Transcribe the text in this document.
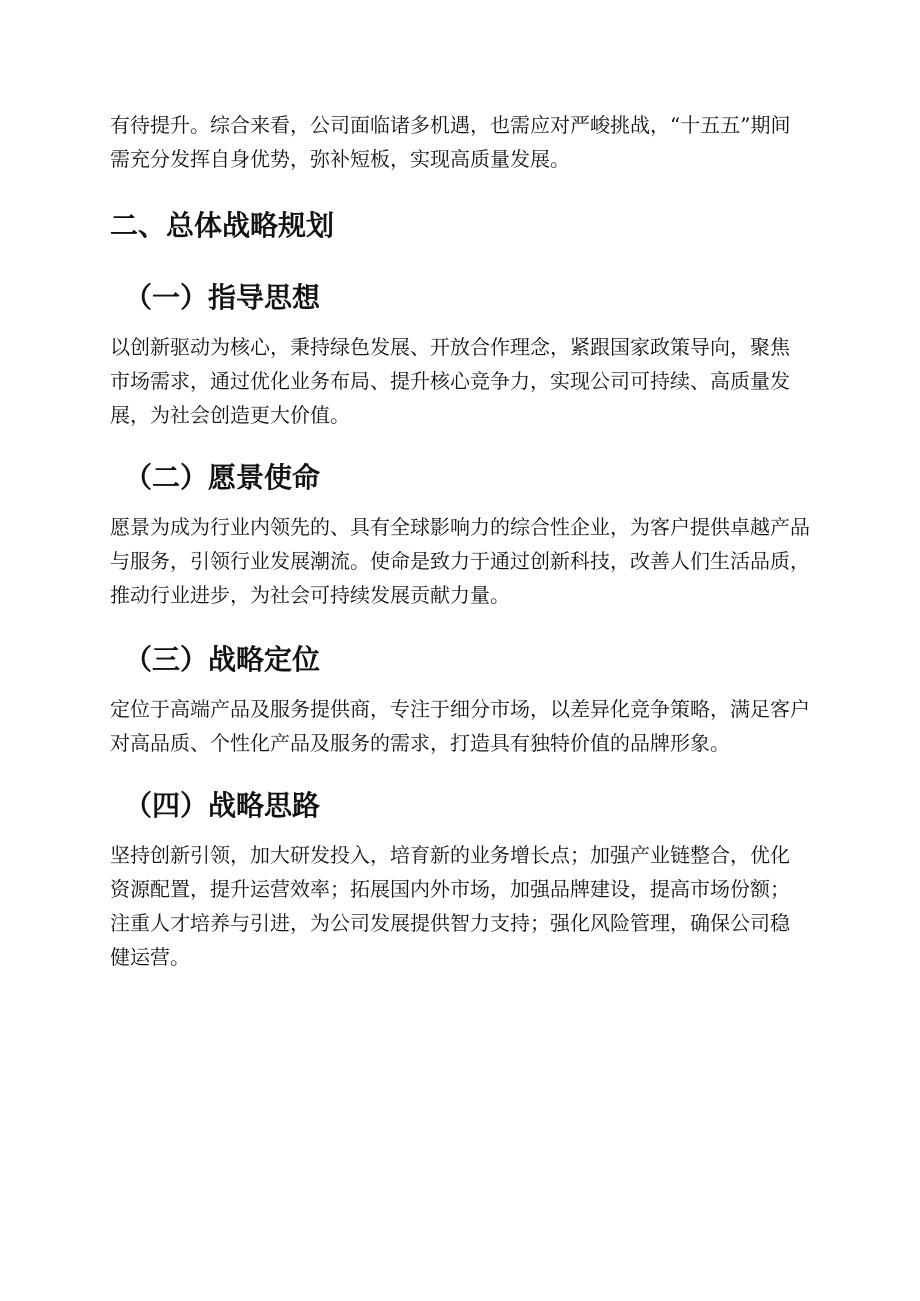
有待提升。综合来看，公司面临诸多机遇，也需应对严峻挑战，“十五五”期间
需充分发挥自身优势，弥补短板，实现高质量发展。

二、总体战略规划
（一）指导思想

以创新驱动为核心，秉持绿色发展、开放合作理念，紧跟国家政策导向，聚焦
市场需求，通过优化业务布局、提升核心竞争力，实现公司可持续、高质量发
展，为社会创造更大价值。

（二）愿景使命

愿景为成为行业内领先的、具有全球影响力的综合性企业，为客户提供卓越产品
与服务，引领行业发展潮流。使命是致力于通过创新科技，改善人们生活品质，
推动行业进步，为社会可持续发展贡献力量。

（三）战略定位

定位于高端产品及服务提供商，专注于细分市场，以差异化竞争策略，满足客户
对高品质、个性化产品及服务的需求，打造具有独特价值的品牌形象。

（四）战略思路

坚持创新引领，加大研发投入，培育新的业务增长点；加强产业链整合，优化
资源配置，提升运营效率；拓展国内外市场，加强品牌建设，提高市场份额；
注重人才培养与引进，为公司发展提供智力支持；强化风险管理，确保公司稳
健运营。
